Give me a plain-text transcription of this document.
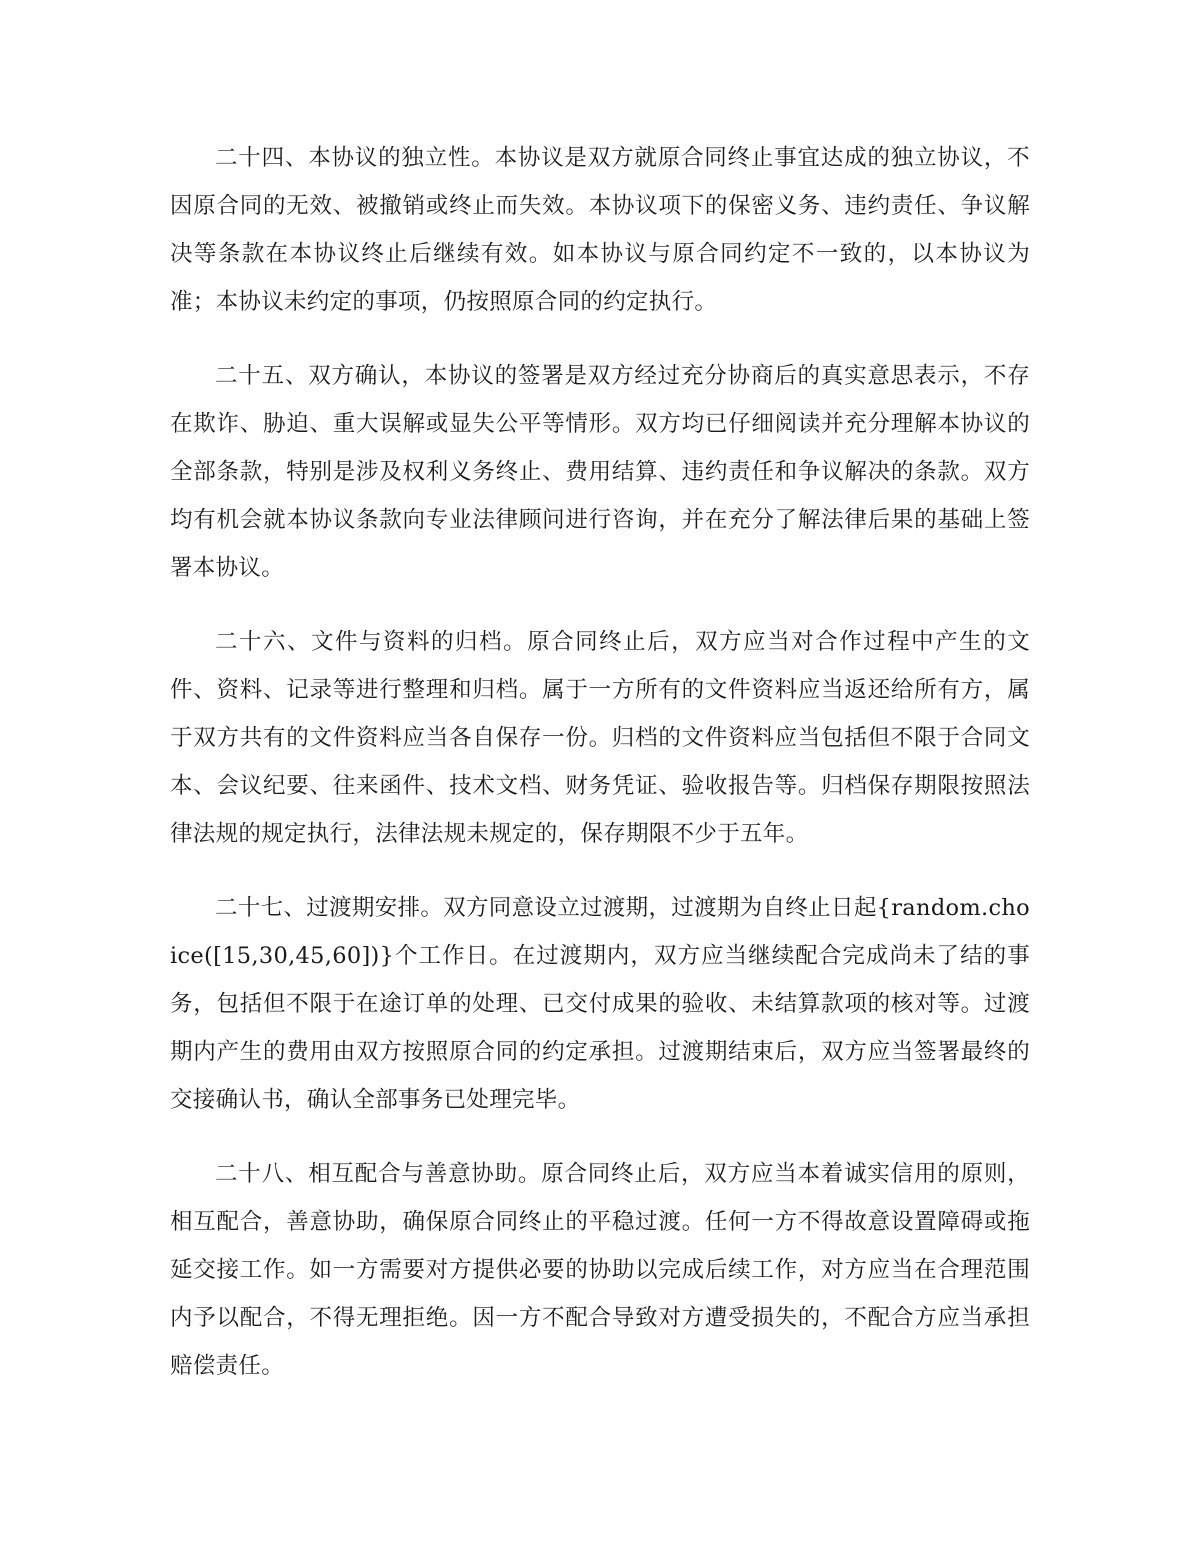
二十四、本协议的独立性。本协议是双方就原合同终止事宜达成的独立协议，不因原合同的无效、被撤销或终止而失效。本协议项下的保密义务、违约责任、争议解决等条款在本协议终止后继续有效。如本协议与原合同约定不一致的，以本协议为准；本协议未约定的事项，仍按照原合同的约定执行。

二十五、双方确认，本协议的签署是双方经过充分协商后的真实意思表示，不存在欺诈、胁迫、重大误解或显失公平等情形。双方均已仔细阅读并充分理解本协议的全部条款，特别是涉及权利义务终止、费用结算、违约责任和争议解决的条款。双方均有机会就本协议条款向专业法律顾问进行咨询，并在充分了解法律后果的基础上签署本协议。

二十六、文件与资料的归档。原合同终止后，双方应当对合作过程中产生的文件、资料、记录等进行整理和归档。属于一方所有的文件资料应当返还给所有方，属于双方共有的文件资料应当各自保存一份。归档的文件资料应当包括但不限于合同文本、会议纪要、往来函件、技术文档、财务凭证、验收报告等。归档保存期限按照法律法规的规定执行，法律法规未规定的，保存期限不少于五年。

二十七、过渡期安排。双方同意设立过渡期，过渡期为自终止日起{random.choice([15,30,45,60])}个工作日。在过渡期内，双方应当继续配合完成尚未了结的事务，包括但不限于在途订单的处理、已交付成果的验收、未结算款项的核对等。过渡期内产生的费用由双方按照原合同的约定承担。过渡期结束后，双方应当签署最终的交接确认书，确认全部事务已处理完毕。

二十八、相互配合与善意协助。原合同终止后，双方应当本着诚实信用的原则，相互配合，善意协助，确保原合同终止的平稳过渡。任何一方不得故意设置障碍或拖延交接工作。如一方需要对方提供必要的协助以完成后续工作，对方应当在合理范围内予以配合，不得无理拒绝。因一方不配合导致对方遭受损失的，不配合方应当承担赔偿责任。
